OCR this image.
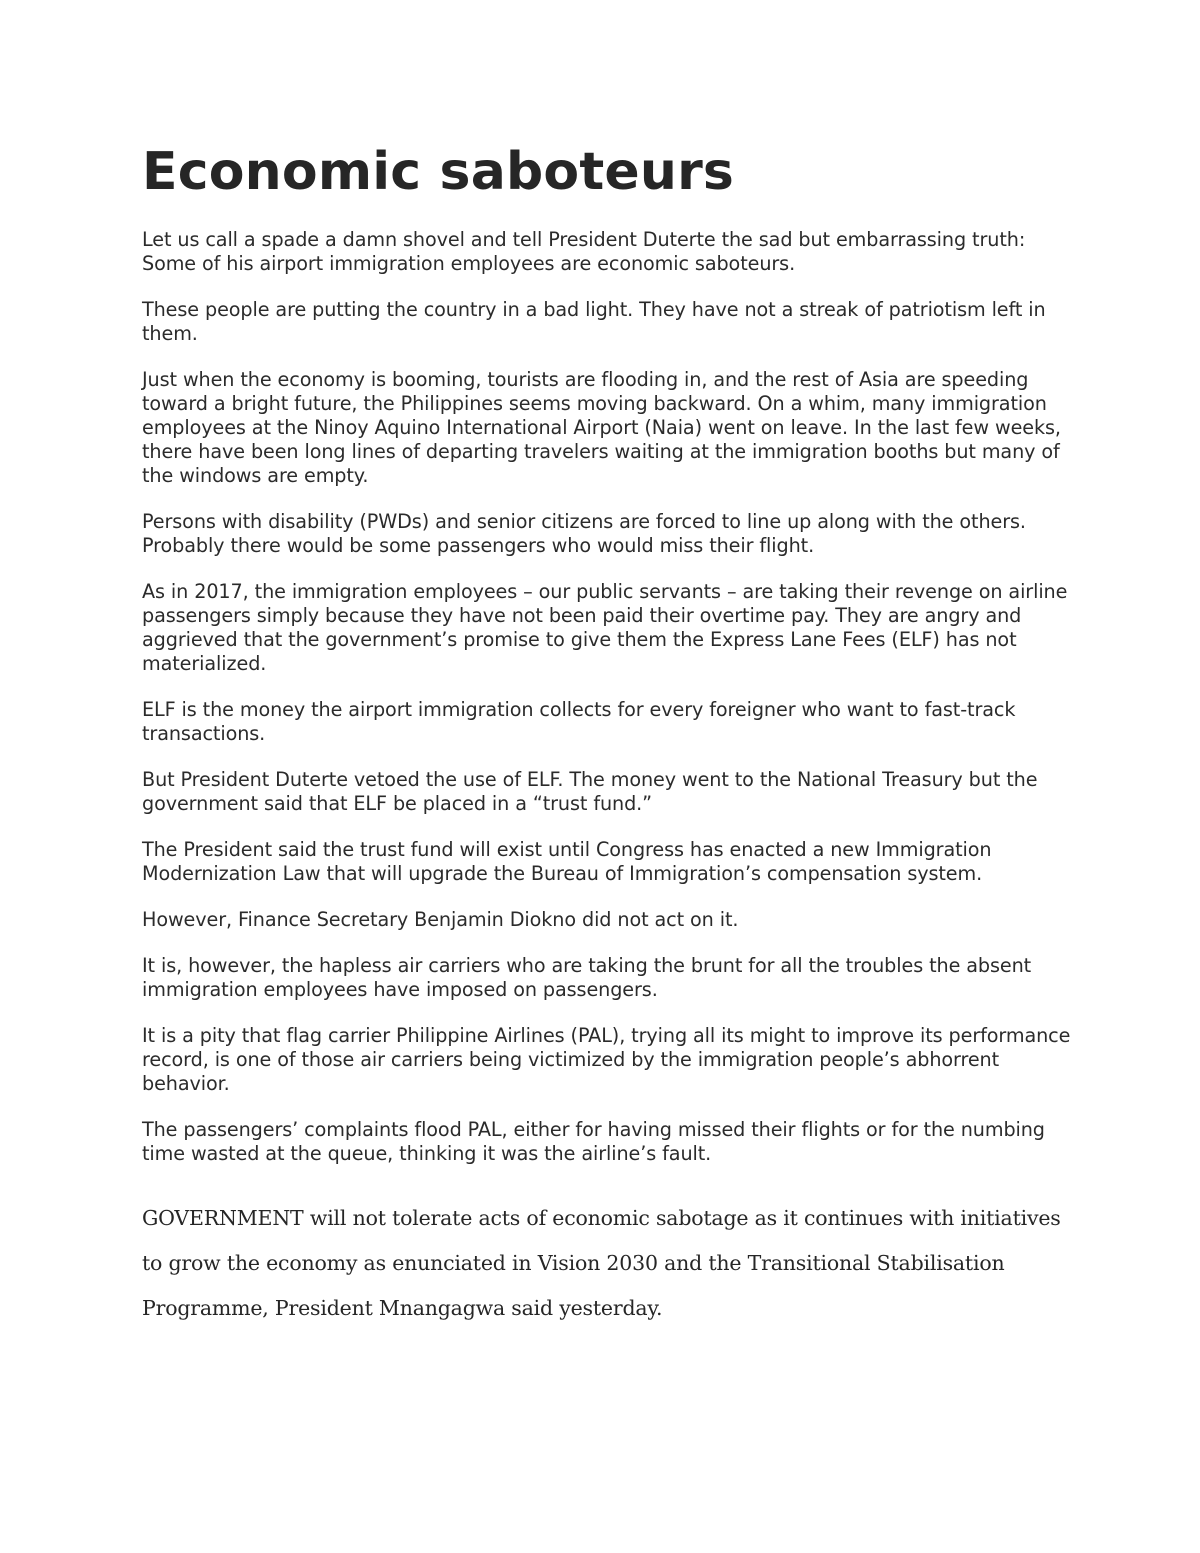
Economic saboteurs

Let us call a spade a damn shovel and tell President Duterte the sad but embarrassing truth: Some of his airport immigration employees are economic saboteurs.

These people are putting the country in a bad light. They have not a streak of patriotism left in them.

Just when the economy is booming, tourists are flooding in, and the rest of Asia are speeding toward a bright future, the Philippines seems moving backward. On a whim, many immigration employees at the Ninoy Aquino International Airport (Naia) went on leave. In the last few weeks, there have been long lines of departing travelers waiting at the immigration booths but many of the windows are empty.

Persons with disability (PWDs) and senior citizens are forced to line up along with the others. Probably there would be some passengers who would miss their flight.

As in 2017, the immigration employees – our public servants – are taking their revenge on airline passengers simply because they have not been paid their overtime pay. They are angry and aggrieved that the government’s promise to give them the Express Lane Fees (ELF) has not materialized.

ELF is the money the airport immigration collects for every foreigner who want to fast-track transactions.

But President Duterte vetoed the use of ELF. The money went to the National Treasury but the government said that ELF be placed in a “trust fund.”

The President said the trust fund will exist until Congress has enacted a new Immigration Modernization Law that will upgrade the Bureau of Immigration’s compensation system.

However, Finance Secretary Benjamin Diokno did not act on it.

It is, however, the hapless air carriers who are taking the brunt for all the troubles the absent immigration employees have imposed on passengers.

It is a pity that flag carrier Philippine Airlines (PAL), trying all its might to improve its performance record, is one of those air carriers being victimized by the immigration people’s abhorrent behavior.

The passengers’ complaints flood PAL, either for having missed their flights or for the numbing time wasted at the queue, thinking it was the airline’s fault.

GOVERNMENT will not tolerate acts of economic sabotage as it continues with initiatives to grow the economy as enunciated in Vision 2030 and the Transitional Stabilisation Programme, President Mnangagwa said yesterday.
